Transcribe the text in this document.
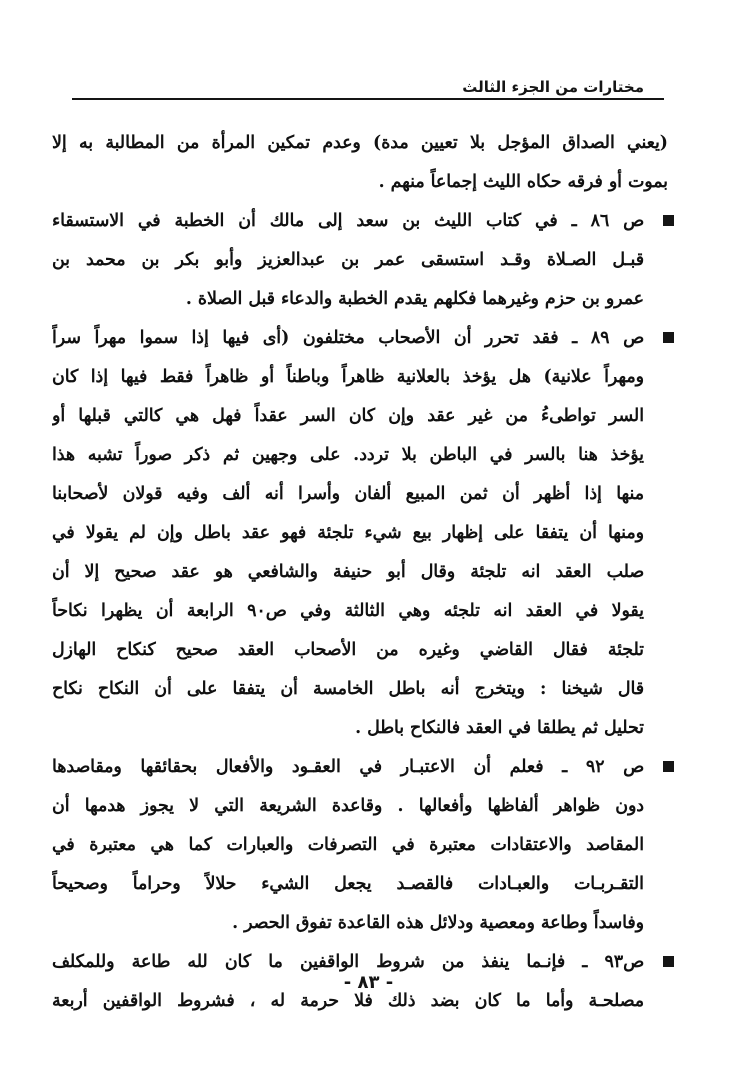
مختارات من الجزء الثالث
(يعني الصداق المؤجل بلا تعيين مدة) وعدم تمكين المرأة من المطالبة به إلا
بموت أو فرقه حكاه الليث إجماعاً منهم .
ص ٨٦ ـ في كتاب الليث بن سعد إلى مالك أن الخطبة في الاستسقاء
قبـل الصـلاة وقـد استسقى عمر بن عبدالعزيز وأبو بكر بن محمد بن
عمرو بن حزم وغيرهما فكلهم يقدم الخطبة والدعاء قبل الصلاة .
ص ٨٩ ـ فقد تحرر أن الأصحاب مختلفون (أى فيها إذا سموا مهراً سراً
ومهراً علانية) هل يؤخذ بالعلانية ظاهراً وباطناً أو ظاهراً فقط فيها إذا كان
السر تواطىءُ من غير عقد وإن كان السر عقداً فهل هي كالتي قبلها أو
يؤخذ هنا بالسر في الباطن بلا تردد. على وجهين ثم ذكر صوراً تشبه هذا
منها إذا أظهر أن ثمن المبيع ألفان وأسرا أنه ألف وفيه قولان لأصحابنا
ومنها أن يتفقا على إظهار بيع شيء تلجئة فهو عقد باطل وإن لم يقولا في
صلب العقد انه تلجئة وقال أبو حنيفة والشافعي هو عقد صحيح إلا أن
يقولا في العقد انه تلجئه وهي الثالثة وفي ص٩٠ الرابعة أن يظهرا نكاحاً
تلجئة فقال القاضي وغيره من الأصحاب العقد صحيح كنكاح الهازل
قال شيخنا : ويتخرج أنه باطل الخامسة أن يتفقا على أن النكاح نكاح
تحليل ثم يطلقا في العقد فالنكاح باطل .
ص ٩٢ ـ فعلم أن الاعتبـار في العقـود والأفعال بحقائقها ومقاصدها
دون ظواهر ألفاظها وأفعالها . وقاعدة الشريعة التي لا يجوز هدمها أن
المقاصد والاعتقادات معتبرة في التصرفات والعبارات كما هي معتبرة في
التقـربـات والعبـادات فالقصـد يجعل الشيء حلالاً وحراماً وصحيحاً
وفاسداً وطاعة ومعصية ودلائل هذه القاعدة تفوق الحصر .
ص٩٣ ـ فإنـما ينفذ من شروط الواقفين ما كان لله طاعة وللمكلف
مصلحـة وأما ما كان بضد ذلك فلا حرمة له ، فشروط الواقفين أربعة
- ٨٣ -
